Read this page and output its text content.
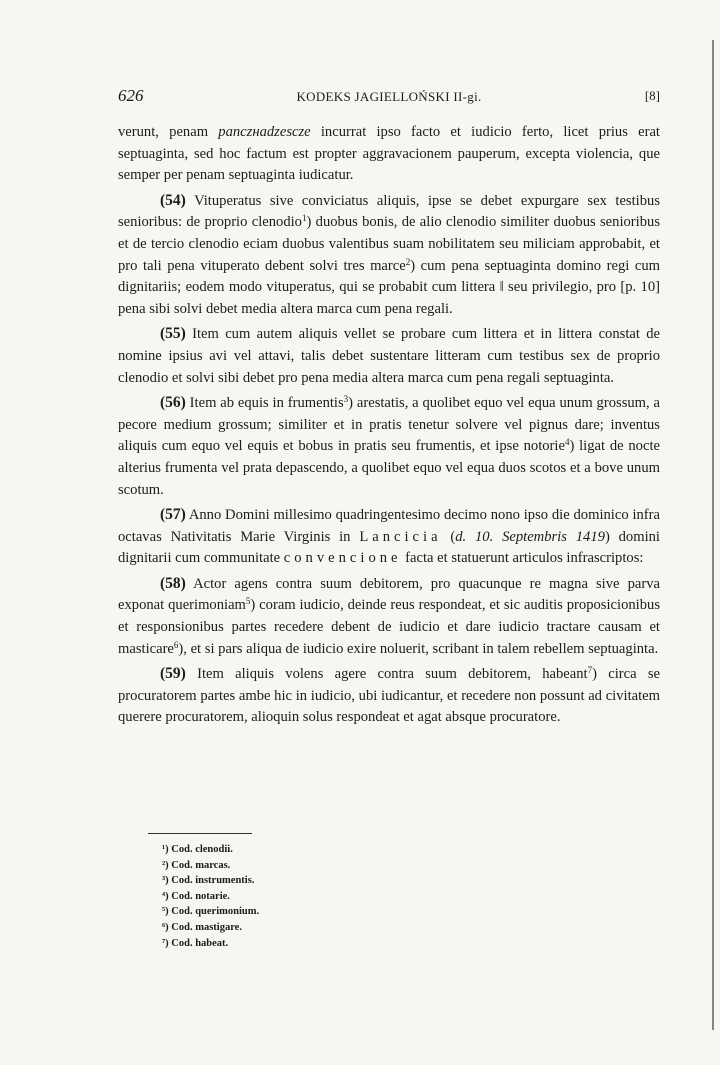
626	KODEKS JAGIELLOŃSKI II-gi.	[8]

verunt, penam panczнadzescze incurrat ipso facto et iudicio ferto, licet prius erat septuaginta, sed hoc factum est propter aggravacionem pauperum, excepta violencia, que semper per penam septuaginta iudicatur.

(54) Vituperatus sive conviciatus aliquis, ipse se debet expurgare sex testibus senioribus: de proprio clenodio$^1$) duobus bonis, de alio clenodio similiter duobus senioribus et de tercio clenodio eciam duobus valentibus suam nobilitatem seu miliciam approbabit, et pro tali pena vituperato debent solvi tres marce$^2$) cum pena septuaginta domino regi cum dignitariis; eodem modo vituperatus, qui se probabit cum littera ‖ seu privilegio, pro [p. 10] pena sibi solvi debet media altera marca cum pena regali.

(55) Item cum autem aliquis vellet se probare cum littera et in littera constat de nomine ipsius avi vel attavi, talis debet sustentare litteram cum testibus sex de proprio clenodio et solvi sibi debet pro pena media altera marca cum pena regali septuaginta.

(56) Item ab equis in frumentis$^3$) arestatis, a quolibet equo vel equa unum grossum, a pecore medium grossum; similiter et in pratis tenetur solvere vel pignus dare; inventus aliquis cum equo vel equis et bobus in pratis seu frumentis, et ipse notorie$^4$) ligat de nocte alterius frumenta vel prata depascendo, a quolibet equo vel equa duos scotos et a bove unum scotum.

(57) Anno Domini millesimo quadringentesimo decimo nono ipso die dominico infra octavas Nativitatis Marie Virginis in Lancicia (d. 10. Septembris 1419) domini dignitarii cum communitate convencione facta et statuerunt articulos infrascriptos:

(58) Actor agens contra suum debitorem, pro quacunque re magna sive parva exponat querimoniam$^5$) coram iudicio, deinde reus respondeat, et sic auditis proposicionibus et responsionibus partes recedere debent de iudicio et dare iudicio tractare causam et masticare$^6$), et si pars aliqua de iudicio exire noluerit, scribant in talem rebellem septuaginta.

(59) Item aliquis volens agere contra suum debitorem, habeant$^7$) circa se procuratorem partes ambe hic in iudicio, ubi iudicantur, et recedere non possunt ad civitatem querere procuratorem, alioquin solus respondeat et agat absque procuratore.

¹) Cod. clenodii.
²) Cod. marcas.
³) Cod. instrumentis.
⁴) Cod. notarie.
⁵) Cod. querimonium.
⁶) Cod. mastigare.
⁷) Cod. habeat.
